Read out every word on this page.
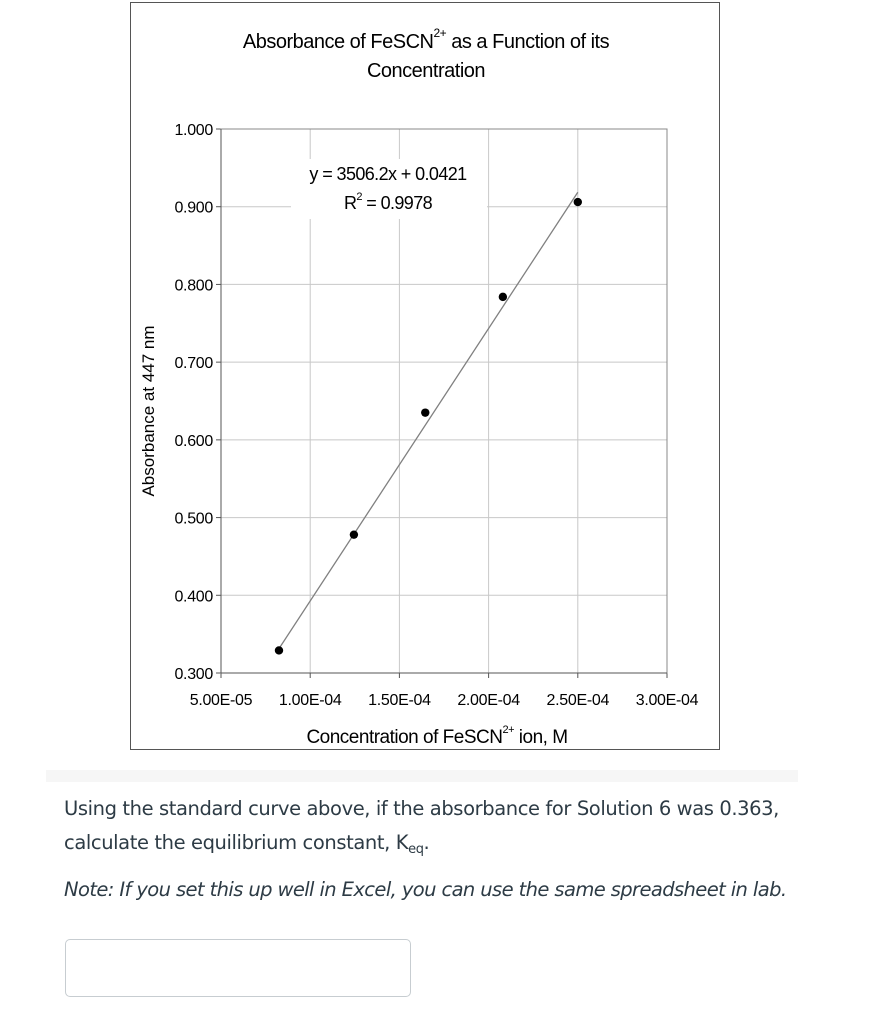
0.300
0.400
0.500
0.600
0.700
0.800
0.900
1.000
5.00E-05 1.00E-04 1.50E-04 2.00E-04 2.50E-04 3.00E-04
Absorbance of FeSCN$^{2+}$ as a Function of its
Concentration
y = 3506.2x + 0.0421
$R^2 = 0.9978$
Absorbance at 447 nm
Concentration of FeSCN$^{2+}$ ion, M

Using the standard curve above, if the absorbance for Solution 6 was 0.363, calculate the equilibrium constant, $K_{eq}$.

Note: If you set this up well in Excel, you can use the same spreadsheet in lab.
